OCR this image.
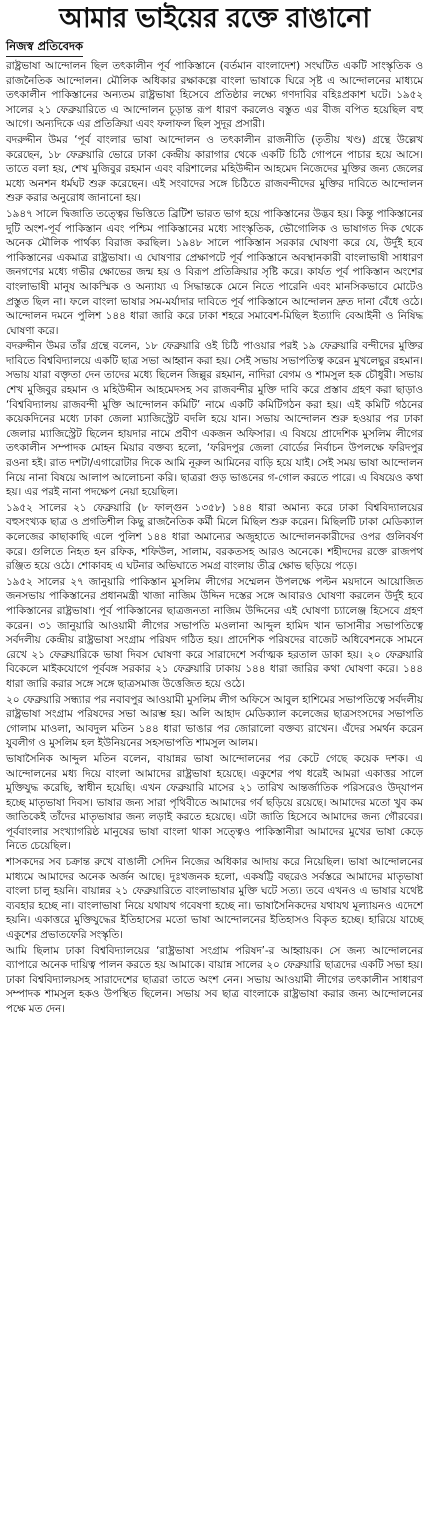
আমার ভাইয়ের রক্তে রাঙানো
নিজস্ব প্রতিবেদক

রাষ্ট্রভাষা আন্দোলন ছিল তৎকালীন পূর্ব পাকিস্তানে (বর্তমান বাংলাদেশ) সংঘটিত একটি সাংস্কৃতিক ও রাজনৈতিক আন্দোলন। মৌলিক অধিকার রক্ষাকল্পে বাংলা ভাষাকে ঘিরে সৃষ্ট এ আন্দোলনের মাধ্যমে তৎকালীন পাকিস্তানের অন্যতম রাষ্ট্রভাষা হিসেবে প্রতিষ্ঠার লক্ষ্যে গণদাবির বহিঃপ্রকাশ ঘটে। ১৯৫২ সালের ২১ ফেব্রুয়ারিতে এ আন্দোলন চূড়ান্ত রূপ ধারণ করলেও বস্তুত এর বীজ বপিত হয়েছিল বহু আগে। অন্যদিকে এর প্রতিক্রিয়া এবং ফলাফল ছিল সুদূর প্রসারী।

বদরুদ্দীন উমর ‘পূর্ব বাংলার ভাষা আন্দোলন ও তৎকালীন রাজনীতি (তৃতীয় খণ্ড) গ্রন্থে উল্লেখ করেছেন, ১৮ ফেব্রুয়ারি ভোরে ঢাকা কেন্দ্রীয় কারাগার থেকে একটি চিঠি গোপনে পাচার হয়ে আসে। তাতে বলা হয়, শেখ মুজিবুর রহমান এবং বরিশালের মহিউদ্দীন আহমেদ নিজেদের মুক্তির জন্য জেলের মধ্যে অনশন ধর্মঘট শুরু করেছেন। এই সংবাদের সঙ্গে চিঠিতে রাজবন্দীদের মুক্তির দাবিতে আন্দোলন শুরু করার অনুরোধ জানানো হয়।

১৯৪৭ সালে দ্বিজাতি তত্ত্বের ভিত্তিতে ব্রিটিশ ভারত ভাগ হয়ে পাকিস্তানের উদ্ভব হয়। কিন্তু পাকিস্তানের দুটি অংশ-পূর্ব পাকিস্তান এবং পশ্চিম পাকিস্তানের মধ্যে সাংস্কৃতিক, ভৌগোলিক ও ভাষাগত দিক থেকে অনেক মৌলিক পার্থক্য বিরাজ করছিল। ১৯৪৮ সালে পাকিস্তান সরকার ঘোষণা করে যে, উর্দুই হবে পাকিস্তানের একমাত্র রাষ্ট্রভাষা। এ ঘোষণার প্রেক্ষাপটে পূর্ব পাকিস্তানে অবস্থানকারী বাংলাভাষী সাধারণ জনগণের মধ্যে গভীর ক্ষোভের জন্ম হয় ও বিরূপ প্রতিক্রিয়ার সৃষ্টি করে। কার্যত পূর্ব পাকিস্তান অংশের বাংলাভাষী মানুষ আকস্মিক ও অন্যায্য এ সিদ্ধান্তকে মেনে নিতে পারেনি এবং মানসিকভাবে মোটেও প্রস্তুত ছিল না। ফলে বাংলা ভাষার সম-মর্যাদার দাবিতে পূর্ব পাকিস্তানে আন্দোলন দ্রুত দানা বেঁধে ওঠে। আন্দোলন দমনে পুলিশ ১৪৪ ধারা জারি করে ঢাকা শহরে সমাবেশ-মিছিল ইত্যাদি বেআইনী ও নিষিদ্ধ ঘোষণা করে।

বদরুদ্দীন উমর তাঁর গ্রন্থে বলেন, ১৮ ফেব্রুয়ারি ওই চিঠি পাওয়ার পরই ১৯ ফেব্রুয়ারি বন্দীদের মুক্তির দাবিতে বিশ্ববিদ্যালয়ে একটি ছাত্র সভা আহ্বান করা হয়। সেই সভায় সভাপতিত্ব করেন মুখলেছুর রহমান। সভায় যারা বক্তৃতা দেন তাদের মধ্যে ছিলেন জিল্লুর রহমান, নাদিরা বেগম ও শামসুল হক চৌধুরী। সভায় শেখ মুজিবুর রহমান ও মহিউদ্দীন আহমেদসহ সব রাজবন্দীর মুক্তি দাবি করে প্রস্তাব গ্রহণ করা ছাড়াও ‘বিশ্ববিদ্যালয় রাজবন্দী মুক্তি আন্দোলন কমিটি’ নামে একটি কমিটিগঠন করা হয়। এই কমিটি গঠনের কয়েকদিনের মধ্যে ঢাকা জেলা ম্যাজিস্ট্রেট বদলি হয়ে যান। সভায় আন্দোলন শুরু হওয়ার পর ঢাকা জেলার ম্যাজিস্ট্রেট ছিলেন হায়দার নামে প্রবীণ একজন অফিসার। এ বিষয়ে প্রাদেশিক মুসলিম লীগের তৎকালীন সম্পাদক মোহন মিয়ার বক্তব্য হলো, ‘ফরিদপুর জেলা বোর্ডের নির্বাচন উপলক্ষে ফরিদপুর রওনা হই। রাত দশটা/এগারোটার দিকে আমি নূরুল আমিনের বাড়ি হয়ে যাই। সেই সময় ভাষা আন্দোলন নিয়ে নানা বিষয়ে আলাপ আলোচনা করি। ছাত্ররা গুড় ভাঙনের গ-গোল করতে পারে। এ বিষয়েও কথা হয়। এর পরই নানা পদক্ষেপ নেয়া হয়েছিল।

১৯৫২ সালের ২১ ফেব্রুয়ারি (৮ ফাল্গুন ১৩৫৮) ১৪৪ ধারা অমান্য করে ঢাকা বিশ্ববিদ্যালয়ের বহুসংখ্যক ছাত্র ও প্রগতিশীল কিছু রাজনৈতিক কর্মী মিলে মিছিল শুরু করেন। মিছিলটি ঢাকা মেডিক্যাল কলেজের কাছাকাছি এলে পুলিশ ১৪৪ ধারা অমান্যের অজুহাতে আন্দোলনকারীদের ওপর গুলিবর্ষণ করে। গুলিতে নিহত হন রফিক, শফিউল, সালাম, বরকতসহ আরও অনেকে। শহীদদের রক্তে রাজপথ রঞ্জিত হয়ে ওঠে। শোকাবহ এ ঘটনার অভিঘাতে সমগ্র বাংলায় তীব্র ক্ষোভ ছড়িয়ে পড়ে।

১৯৫২ সালের ২৭ জানুয়ারি পাকিস্তান মুসলিম লীগের সম্মেলন উপলক্ষে পল্টন ময়দানে আয়োজিত জনসভায় পাকিস্তানের প্রধানমন্ত্রী খাজা নাজিম উদ্দিন দস্তের সঙ্গে আবারও ঘোষণা করলেন উর্দুই হবে পাকিস্তানের রাষ্ট্রভাষা। পূর্ব পাকিস্তানের ছাত্রজনতা নাজিম উদ্দিনের এই ঘোষণা চ্যালেঞ্জ হিসেবে গ্রহণ করেন। ৩১ জানুয়ারি আওয়ামী লীগের সভাপতি মওলানা আব্দুল হামিদ খান ভাসানীর সভাপতিত্বে সর্বদলীয় কেন্দ্রীয় রাষ্ট্রভাষা সংগ্রাম পরিষদ গঠিত হয়। প্রাদেশিক পরিষদের বাজেট অধিবেশনকে সামনে রেখে ২১ ফেব্রুয়ারিকে ভাষা দিবস ঘোষণা করে সারাদেশে সর্বাত্মক হরতাল ডাকা হয়। ২০ ফেব্রুয়ারি বিকেলে মাইকযোগে পূর্ববঙ্গ সরকার ২১ ফেব্রুয়ারি ঢাকায় ১৪৪ ধারা জারির কথা ঘোষণা করে। ১৪৪ ধারা জারি করার সঙ্গে সঙ্গে ছাত্রসমাজ উত্তেজিত হয়ে ওঠে।

২০ ফেব্রুয়ারি সন্ধ্যার পর নবাবপুর আওয়ামী মুসলিম লীগ অফিসে আবুল হাশিমের সভাপতিত্বে সর্বদলীয় রাষ্ট্রভাষা সংগ্রাম পরিষদের সভা আরম্ভ হয়। অলি আহাদ মেডিক্যাল কলেজের ছাত্রসংসদের সভাপতি গোলাম মাওলা, আবদুল মতিন ১৪৪ ধারা ভাঙার পর জোরালো বক্তব্য রাখেন। এঁদের সমর্থন করেন যুবলীগ ও মুসলিম হল ইউনিয়নের সহসভাপতি শামসুল আলম।

ভাষাসৈনিক আব্দুল মতিন বলেন, বায়ান্নর ভাষা আন্দোলনের পর কেটে গেছে কয়েক দশক। এ আন্দোলনের মধ্য দিয়ে বাংলা আমাদের রাষ্ট্রভাষা হয়েছে। একুশের পথ ধরেই আমরা একাত্তর সালে মুক্তিযুদ্ধ করেছি, স্বাধীন হয়েছি। এখন ফেব্রুয়ারি মাসের ২১ তারিখ আন্তর্জাতিক পরিসরেও উদ্‌যাপন হচ্ছে মাতৃভাষা দিবস। ভাষার জন্য সারা পৃথিবীতে আমাদের গর্ব ছড়িয়ে রয়েছে। আমাদের মতো খুব কম জাতিকেই তাঁদের মাতৃভাষার জন্য লড়াই করতে হয়েছে। এটা জাতি হিসেবে আমাদের জন্য গৌরবের। পূর্ববাংলার সংখ্যাগরিষ্ঠ মানুষের ভাষা বাংলা থাকা সত্ত্বেও পাকিস্তানীরা আমাদের মুখের ভাষা কেড়ে নিতে চেয়েছিল।

শাসকদের সব চক্রান্ত রুখে বাঙালী সেদিন নিজের অধিকার আদায় করে নিয়েছিল। ভাষা আন্দোলনের মাধ্যমে আমাদের অনেক অর্জন আছে। দুঃখজনক হলো, একষট্টি বছরেও সর্বস্তরে আমাদের মাতৃভাষা বাংলা চালু হয়নি। বায়ান্নর ২১ ফেব্রুয়ারিতে বাংলাভাষার মুক্তি ঘটে সত্য। তবে এখনও এ ভাষার যথেষ্ট ব্যবহার হচ্ছে না। বাংলাভাষা নিয়ে যথাযথ গবেষণা হচ্ছে না। ভাষাসৈনিকদের যথাযথ মূল্যায়নও এদেশে হয়নি। একাত্তরে মুক্তিযুদ্ধের ইতিহাসের মতো ভাষা আন্দোলনের ইতিহাসও বিকৃত হচ্ছে। হারিয়ে যাচ্ছে একুশের প্রভাতফেরি সংস্কৃতি।

আমি ছিলাম ঢাকা বিশ্ববিদ্যালয়ের ‘রাষ্ট্রভাষা সংগ্রাম পরিষদ’-র আহ্বায়ক। সে জন্য আন্দোলনের ব্যাপারে অনেক দায়িত্ব পালন করতে হয় আমাকে। বায়ান্ন সালের ২০ ফেব্রুয়ারি ছাত্রদের একটি সভা হয়। ঢাকা বিশ্ববিদ্যালয়সহ সারাদেশের ছাত্ররা তাতে অংশ নেন। সভায় আওয়ামী লীগের তৎকালীন সাধারণ সম্পাদক শামসুল হকও উপস্থিত ছিলেন। সভায় সব ছাত্র বাংলাকে রাষ্ট্রভাষা করার জন্য আন্দোলনের পক্ষে মত দেন।
